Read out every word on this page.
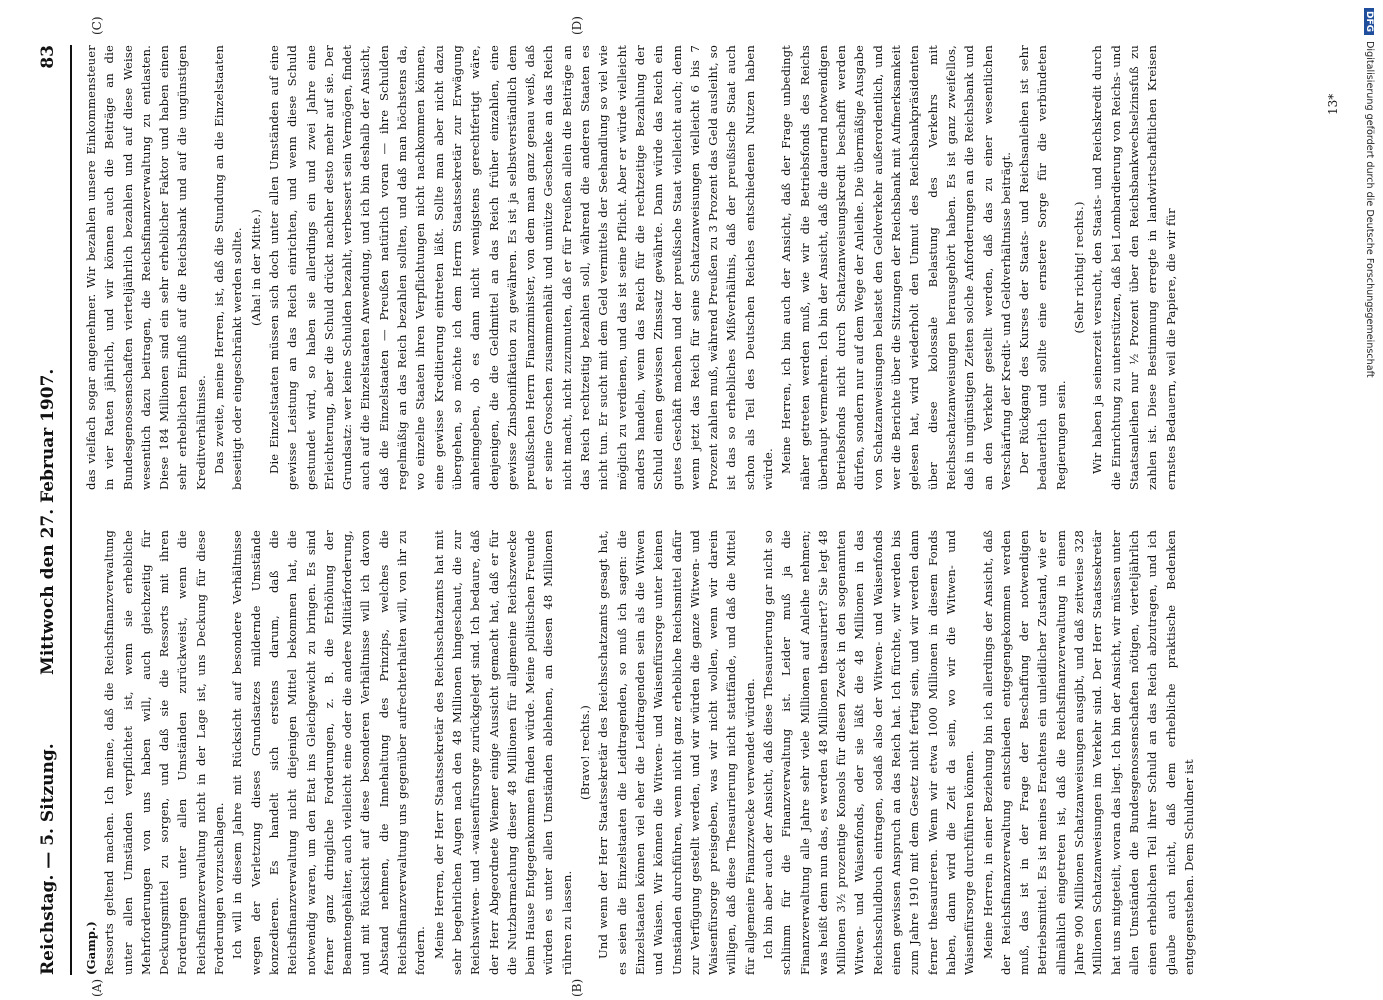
Reichstag. — 5. Sitzung.
Mittwoch den 27. Februar 1907.
83
(A)	(B)
(C)	(D)

(Gamp.) Ressorts geltend machen. Ich meine, daß die Reichsfinanzverwaltung unter allen Umständen verpflichtet ist, wenn sie erhebliche Mehrforderungen von uns haben will, auch gleichzeitig für Deckungsmittel zu sorgen, und daß sie die Ressorts mit ihren Forderungen unter allen Umständen zurückweist, wenn die Reichsfinanzverwaltung nicht in der Lage ist, uns Deckung für diese Forderungen vorzuschlagen. Ich will in diesem Jahre mit Rücksicht auf besondere Verhältnisse wegen der Verletzung dieses Grundsatzes mildernde Umstände konzedieren. Es handelt sich erstens darum, daß die Reichsfinanzverwaltung nicht diejenigen Mittel bekommen hat, die notwendig waren, um den Etat ins Gleichgewicht zu bringen. Es sind ferner ganz dringliche Forderungen, z. B. die Erhöhung der Beamtengehälter, auch vielleicht eine oder die andere Militärforderung, und mit Rücksicht auf diese besonderen Verhältnisse will ich davon Abstand nehmen, die Innehaltung des Prinzips, welches die Reichsfinanzverwaltung uns gegenüber aufrechterhalten will, von ihr zu fordern. Meine Herren, der Herr Staatssekretär des Reichsschatzamts hat mit sehr begehrlichen Augen nach den 48 Millionen hingeschaut, die zur Reichswitwen- und -waisenfürsorge zurückgelegt sind. Ich bedaure, daß der Herr Abgeordnete Wiemer einige Aussicht gemacht hat, daß er für die Nutzbarmachung dieser 48 Millionen für allgemeine Reichszwecke beim Hause Entgegenkommen finden würde. Meine politischen Freunde würden es unter allen Umständen ablehnen, an diesen 48 Millionen rühren zu lassen.

(Bravo! rechts.) Und wenn der Herr Staatssekretär des Reichsschatzamts gesagt hat, es seien die Einzelstaaten die Leidtragenden, so muß ich sagen: die Einzelstaaten können viel eher die Leidtragenden sein als die Witwen und Waisen. Wir können die Witwen- und Waisenfürsorge unter keinen Umständen durchführen, wenn nicht ganz erhebliche Reichsmittel dafür zur Verfügung gestellt werden, und wir würden die ganze Witwen- und Waisenfürsorge preisgeben, was wir nicht wollen, wenn wir darein willigen, daß diese Thesaurierung nicht stattfände, und daß die Mittel für allgemeine Finanzzwecke verwendet würden. Ich bin aber auch der Ansicht, daß diese Thesaurierung gar nicht so schlimm für die Finanzverwaltung ist. Leider muß ja die Finanzverwaltung alle Jahre sehr viele Millionen auf Anleihe nehmen; was heißt denn nun das, es werden 48 Millionen thesauriert? Sie legt 48 Millionen 3½ prozentige Konsols für diesen Zweck in den sogenannten Witwen- und Waisenfonds, oder sie läßt die 48 Millionen in das Reichsschuldbuch eintragen, sodaß also der Witwen- und Waisenfonds einen gewissen Anspruch an das Reich hat. Ich fürchte, wir werden bis zum Jahre 1910 mit dem Gesetz nicht fertig sein, und wir werden dann ferner thesaurieren. Wenn wir etwa 1000 Millionen in diesem Fonds haben, dann wird die Zeit da sein, wo wir die Witwen- und Waisenfürsorge durchführen können. Meine Herren, in einer Beziehung bin ich allerdings der Ansicht, daß der Reichsfinanzverwaltung entschieden entgegengekommen werden muß, das ist in der Frage der Beschaffung der notwendigen Betriebsmittel. Es ist meines Erachtens ein unleidlicher Zustand, wie er allmählich eingetreten ist, daß die Reichsfinanzverwaltung in einem Jahre 900 Millionen Schatzanweisungen ausgibt, und daß zeitweise 328 Millionen Schatzanweisungen im Verkehr sind. Der Herr Staatssekretär hat uns mitgeteilt, woran das liegt. Ich bin der Ansicht, wir müssen unter allen Umständen die Bundesgenossenschaften nötigen, vierteljährlich einen erheblichen Teil ihrer Schuld an das Reich abzutragen, und ich glaube auch nicht, daß dem erhebliche praktische Bedenken entgegenstehen. Dem Schuldner ist

das vielfach sogar angenehmer. Wir bezahlen unsere Einkommensteuer in vier Raten jährlich, und wir können auch die Beiträge an die Bundesgenossenschaften vierteljährlich bezahlen und auf diese Weise wesentlich dazu beitragen, die Reichsfinanzverwaltung zu entlasten. Diese 184 Millionen sind ein sehr erheblicher Faktor und haben einen sehr erheblichen Einfluß auf die Reichsbank und auf die ungünstigen Kreditverhältnisse. Das zweite, meine Herren, ist, daß die Stundung an die Einzelstaaten beseitigt oder eingeschränkt werden sollte. (Aha! in der Mitte.) Die Einzelstaaten müssen sich doch unter allen Umständen auf eine gewisse Leistung an das Reich einrichten, und wenn diese Schuld gestundet wird, so haben sie allerdings ein und zwei Jahre eine Erleichterung, aber die Schuld drückt nachher desto mehr auf sie. Der Grundsatz: wer keine Schulden bezahlt, verbessert sein Vermögen, findet auch auf die Einzelstaaten Anwendung, und ich bin deshalb der Ansicht, daß die Einzelstaaten — Preußen natürlich voran — ihre Schulden regelmäßig an das Reich bezahlen sollten, und daß man höchstens da, wo einzelne Staaten ihren Verpflichtungen nicht nachkommen können, eine gewisse Kreditierung eintreten läßt. Sollte man aber nicht dazu übergehen, so möchte ich dem Herrn Staatssekretär zur Erwägung anheimgeben, ob es dann nicht wenigstens gerechtfertigt wäre, denjenigen, die die Geldmittel an das Reich früher einzahlen, eine gewisse Zinsbonifikation zu gewähren. Es ist ja selbstverständlich dem preußischen Herrn Finanzminister, von dem man ganz genau weiß, daß er seine Groschen zusammenhält und unnütze Geschenke an das Reich nicht macht, nicht zuzumuten, daß er für Preußen allein die Beiträge an das Reich rechtzeitig bezahlen soll, während die anderen Staaten es nicht tun. Er sucht mit dem Geld vermittels der Seehandlung so viel wie möglich zu verdienen, und das ist seine Pflicht. Aber er würde vielleicht anders handeln, wenn das Reich für die rechtzeitige Bezahlung der Schuld einen gewissen Zinssatz gewährte. Dann würde das Reich ein gutes Geschäft machen und der preußische Staat vielleicht auch; denn wenn jetzt das Reich für seine Schatzanweisungen vielleicht 6 bis 7 Prozent zahlen muß, während Preußen zu 3 Prozent das Geld ausleiht, so ist das so erhebliches Mißverhältnis, daß der preußische Staat auch schon als Teil des Deutschen Reiches entschiedenen Nutzen haben würde. Meine Herren, ich bin auch der Ansicht, daß der Frage unbedingt näher getreten werden muß, wie wir die Betriebsfonds des Reichs überhaupt vermehren. Ich bin der Ansicht, daß die dauernd notwendigen Betriebsfonds nicht durch Schatzanweisungskredit beschafft werden dürfen, sondern nur auf dem Wege der Anleihe. Die übermäßige Ausgabe von Schatzanweisungen belastet den Geldverkehr außerordentlich, und wer die Berichte über die Sitzungen der Reichsbank mit Aufmerksamkeit gelesen hat, wird wiederholt den Unmut des Reichsbankpräsidenten über diese kolossale Belastung des Verkehrs mit Reichsschatzanweisungen herausgehört haben. Es ist ganz zweifellos, daß in ungünstigen Zeiten solche Anforderungen an die Reichsbank und an den Verkehr gestellt werden, daß das zu einer wesentlichen Verschärfung der Kredit- und Geldverhältnisse beiträgt. Der Rückgang des Kurses der Staats- und Reichsanleihen ist sehr bedauerlich und sollte eine ernstere Sorge für die verbündeten Regierungen sein.

(Sehr richtig! rechts.) Wir haben ja seinerzeit versucht, den Staats- und Reichskredit durch die Einrichtung zu unterstützen, daß bei Lombardierung von Reichs- und Staatsanleihen nur ½ Prozent über den Reichsbankwechselzinsfuß zu zahlen ist. Diese Bestimmung erregte in landwirtschaftlichen Kreisen ernstes Bedauern, weil die Papiere, die wir für

13*
DFGDigitalisierung gefördert durch die Deutsche Forschungsgemeinschaft
